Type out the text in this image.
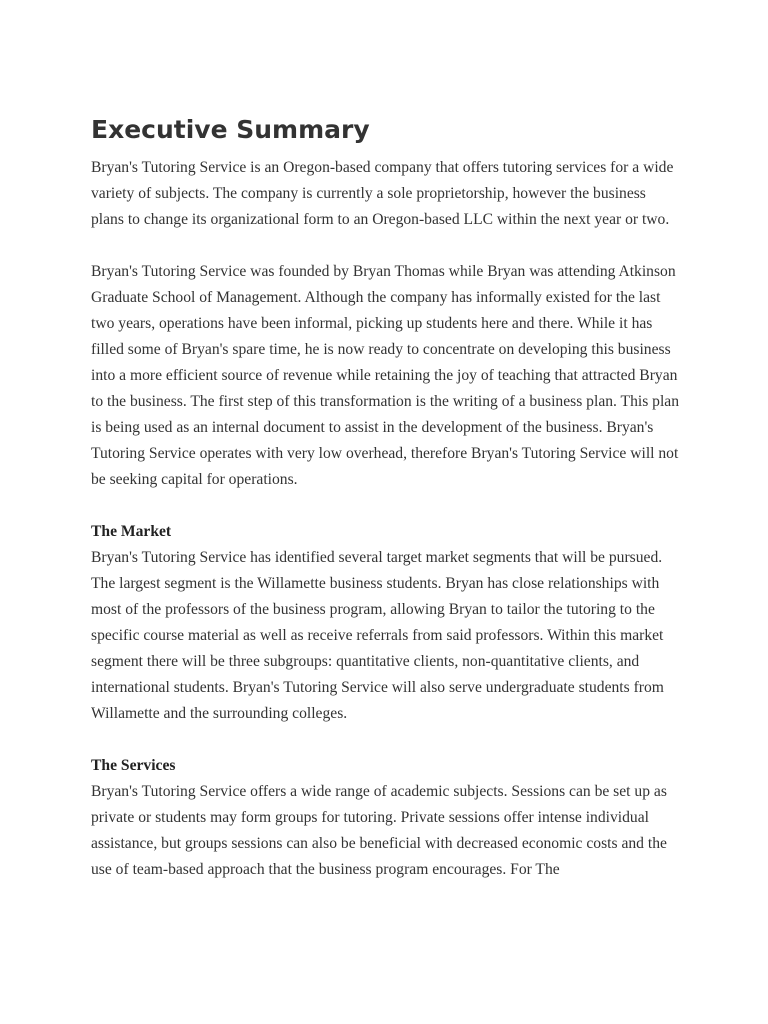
Executive Summary

Bryan's Tutoring Service is an Oregon-based company that offers tutoring services for a wide variety of subjects. The company is currently a sole proprietorship, however the business plans to change its organizational form to an Oregon-based LLC within the next year or two.

Bryan's Tutoring Service was founded by Bryan Thomas while Bryan was attending Atkinson Graduate School of Management. Although the company has informally existed for the last two years, operations have been informal, picking up students here and there. While it has filled some of Bryan's spare time, he is now ready to concentrate on developing this business into a more efficient source of revenue while retaining the joy of teaching that attracted Bryan to the business. The first step of this transformation is the writing of a business plan. This plan is being used as an internal document to assist in the development of the business. Bryan's Tutoring Service operates with very low overhead, therefore Bryan's Tutoring Service will not be seeking capital for operations.

The Market

Bryan's Tutoring Service has identified several target market segments that will be pursued. The largest segment is the Willamette business students. Bryan has close relationships with most of the professors of the business program, allowing Bryan to tailor the tutoring to the specific course material as well as receive referrals from said professors. Within this market segment there will be three subgroups: quantitative clients, non-quantitative clients, and international students. Bryan's Tutoring Service will also serve undergraduate students from Willamette and the surrounding colleges.

The Services

Bryan's Tutoring Service offers a wide range of academic subjects. Sessions can be set up as private or students may form groups for tutoring. Private sessions offer intense individual assistance, but groups sessions can also be beneficial with decreased economic costs and the use of team-based approach that the business program encourages. For The
